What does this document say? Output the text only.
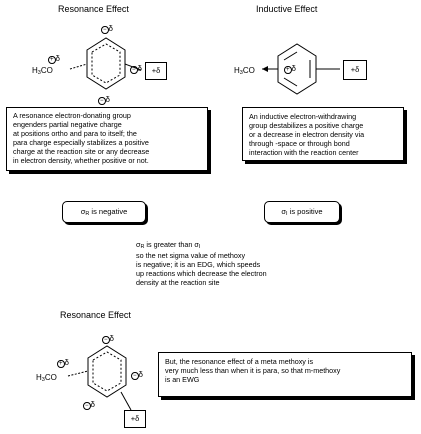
Resonance Effect	Inductive Effect
Resonance Effect
− δ
− δ
− δ
+ δ
H3CO	+δ	H3CO	+ δ	+δ
A resonance electron-donating group
engenders partial negative charge
at positions ortho and para to itself; the
para charge especially stabilizes a positive
charge at the reaction site or any decrease
in electron density, whether positive or not.
An inductive electron-withdrawing
group destabilizes a positive charge
or a decrease in electron density via
through -space or through bond
interaction with the reaction center
σR is negative	σI is positive
σR is greater than σI
so the net sigma value of methoxy
is negative; it is an EDG, which speeds
up reactions which decrease the electron
density at the reaction site
− δ
+ δ
H3CO
− δ
− δ
+δ
But, the resonance effect of a meta methoxy is
very much less than when it is para, so that m-methoxy
is an EWG
